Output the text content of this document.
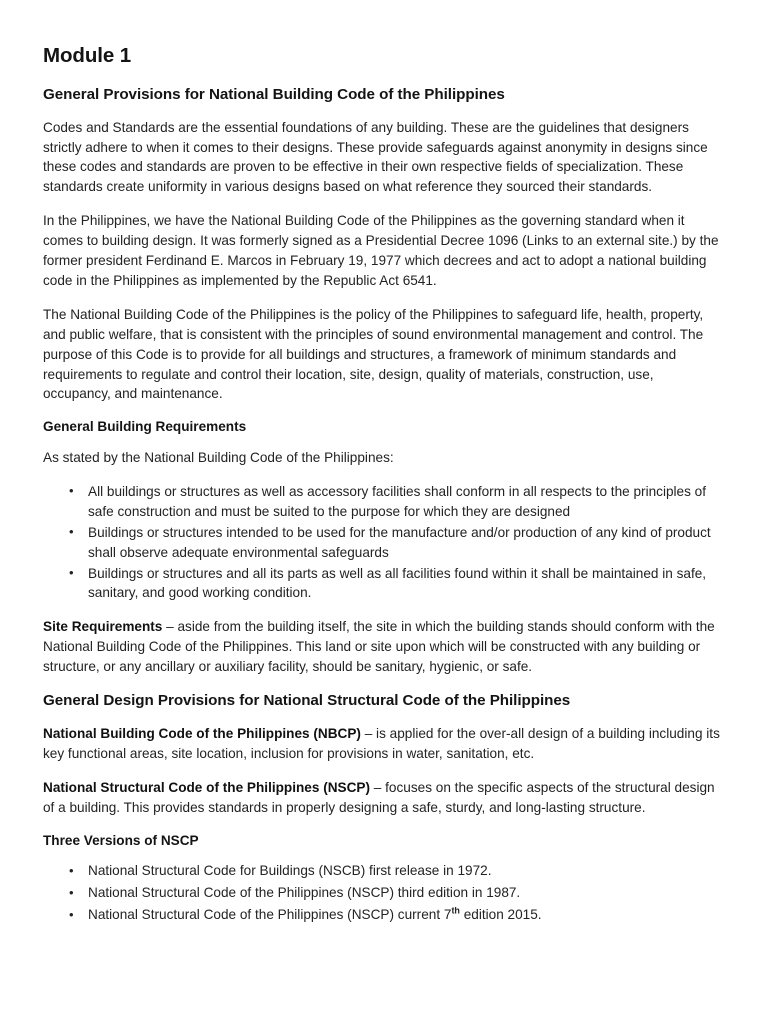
Module 1
General Provisions for National Building Code of the Philippines

Codes and Standards are the essential foundations of any building. These are the guidelines that designers strictly adhere to when it comes to their designs. These provide safeguards against anonymity in designs since these codes and standards are proven to be effective in their own respective fields of specialization. These standards create uniformity in various designs based on what reference they sourced their standards.

In the Philippines, we have the National Building Code of the Philippines as the governing standard when it comes to building design. It was formerly signed as a Presidential Decree 1096 (Links to an external site.) by the former president Ferdinand E. Marcos in February 19, 1977 which decrees and act to adopt a national building code in the Philippines as implemented by the Republic Act 6541.

The National Building Code of the Philippines is the policy of the Philippines to safeguard life, health, property, and public welfare, that is consistent with the principles of sound environmental management and control. The purpose of this Code is to provide for all buildings and structures, a framework of minimum standards and requirements to regulate and control their location, site, design, quality of materials, construction, use, occupancy, and maintenance.

General Building Requirements

As stated by the National Building Code of the Philippines:

• All buildings or structures as well as accessory facilities shall conform in all respects to the principles of safe construction and must be suited to the purpose for which they are designed
• Buildings or structures intended to be used for the manufacture and/or production of any kind of product shall observe adequate environmental safeguards
• Buildings or structures and all its parts as well as all facilities found within it shall be maintained in safe, sanitary, and good working condition.

Site Requirements – aside from the building itself, the site in which the building stands should conform with the National Building Code of the Philippines. This land or site upon which will be constructed with any building or structure, or any ancillary or auxiliary facility, should be sanitary, hygienic, or safe.

General Design Provisions for National Structural Code of the Philippines

National Building Code of the Philippines (NBCP) – is applied for the over-all design of a building including its key functional areas, site location, inclusion for provisions in water, sanitation, etc.

National Structural Code of the Philippines (NSCP) – focuses on the specific aspects of the structural design of a building. This provides standards in properly designing a safe, sturdy, and long-lasting structure.

Three Versions of NSCP
• National Structural Code for Buildings (NSCB) first release in 1972.
• National Structural Code of the Philippines (NSCP) third edition in 1987.
• National Structural Code of the Philippines (NSCP) current 7th edition 2015.
